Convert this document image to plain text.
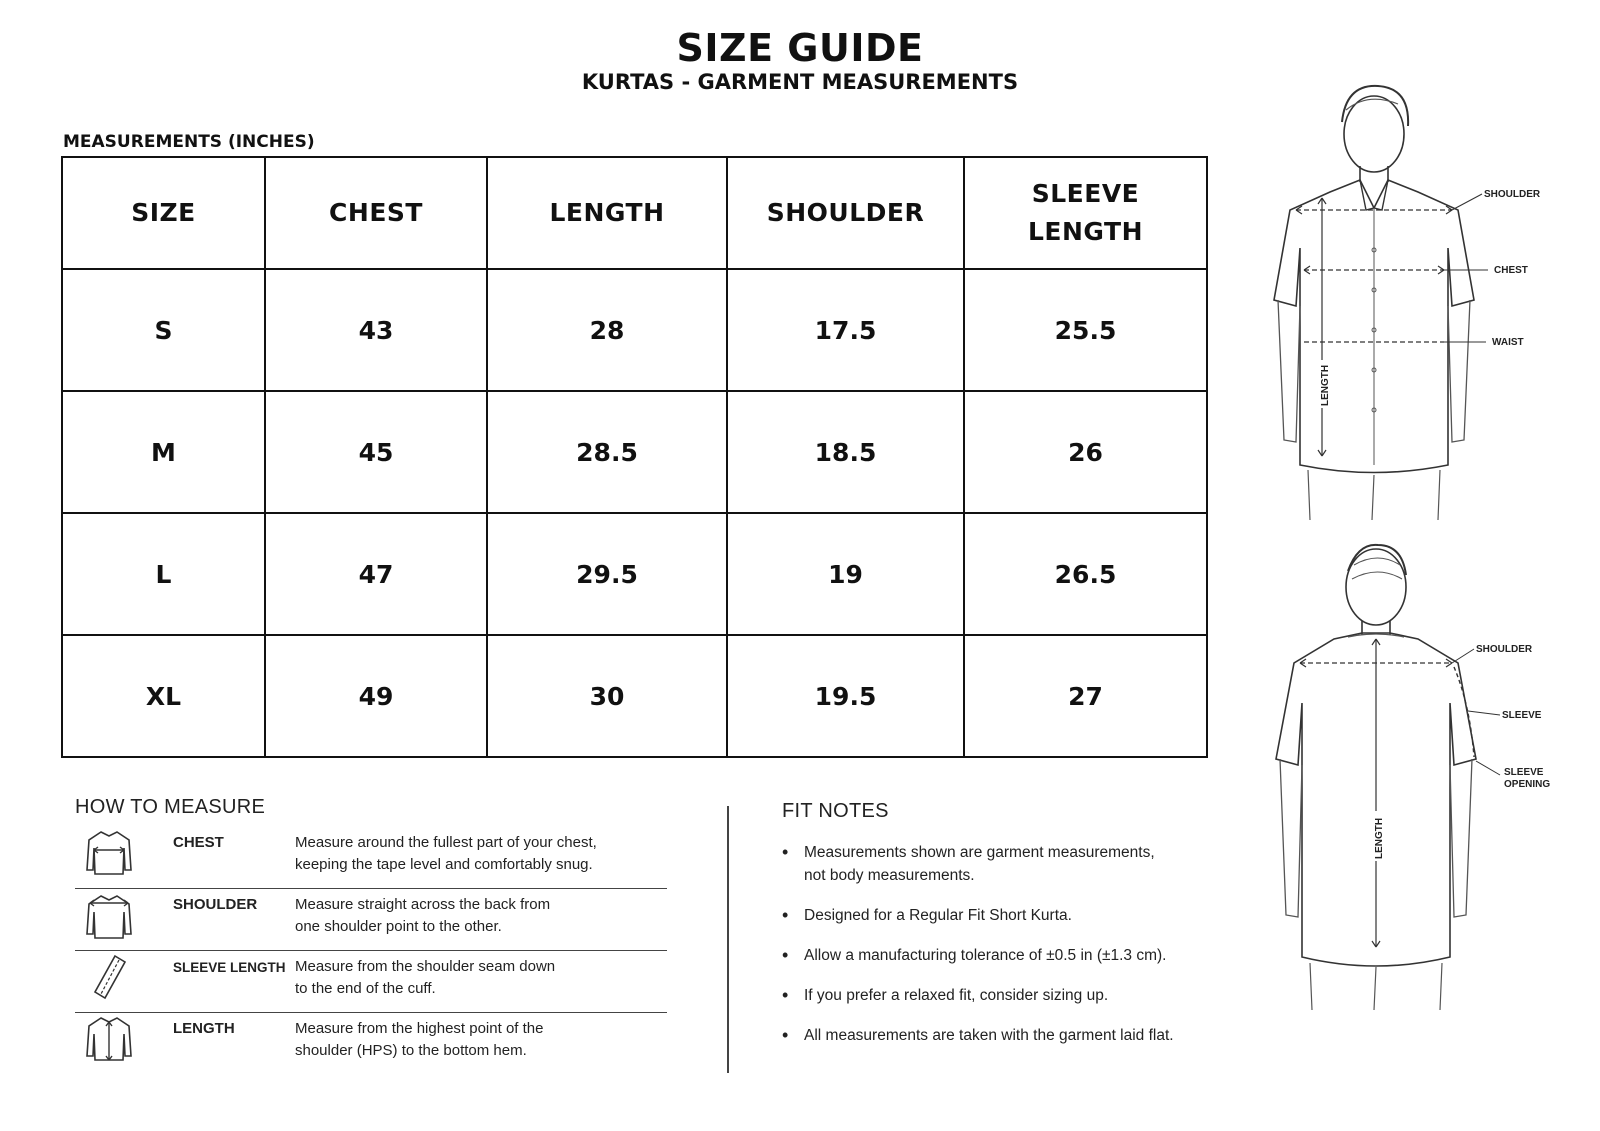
SIZE GUIDE
KURTAS - GARMENT MEASUREMENTS
MEASUREMENTS (INCHES)
SIZE	CHEST	LENGTH	SHOULDER	SLEEVE LENGTH
S	43	28	17.5	25.5
M	45	28.5	18.5	26
L	47	29.5	19	26.5
XL	49	30	19.5	27
HOW TO MEASURE
CHEST	Measure around the fullest part of your chest,
keeping the tape level and comfortably snug.
SHOULDER	Measure straight across the back from
one shoulder point to the other.
SLEEVE LENGTH Measure from the shoulder seam down
to the end of the cuff.
LENGTH	Measure from the highest point of the
shoulder (HPS) to the bottom hem.
FIT NOTES
• Measurements shown are garment measurements,
not body measurements.
• Designed for a Regular Fit Short Kurta.
• Allow a manufacturing tolerance of ±0.5 in (±1.3 cm).
• If you prefer a relaxed fit, consider sizing up.
• All measurements are taken with the garment laid flat.
SHOULDER
CHEST
WAIST
LENGTH
SHOULDER
SLEEVE
SLEEVE
OPENING
LENGTH
